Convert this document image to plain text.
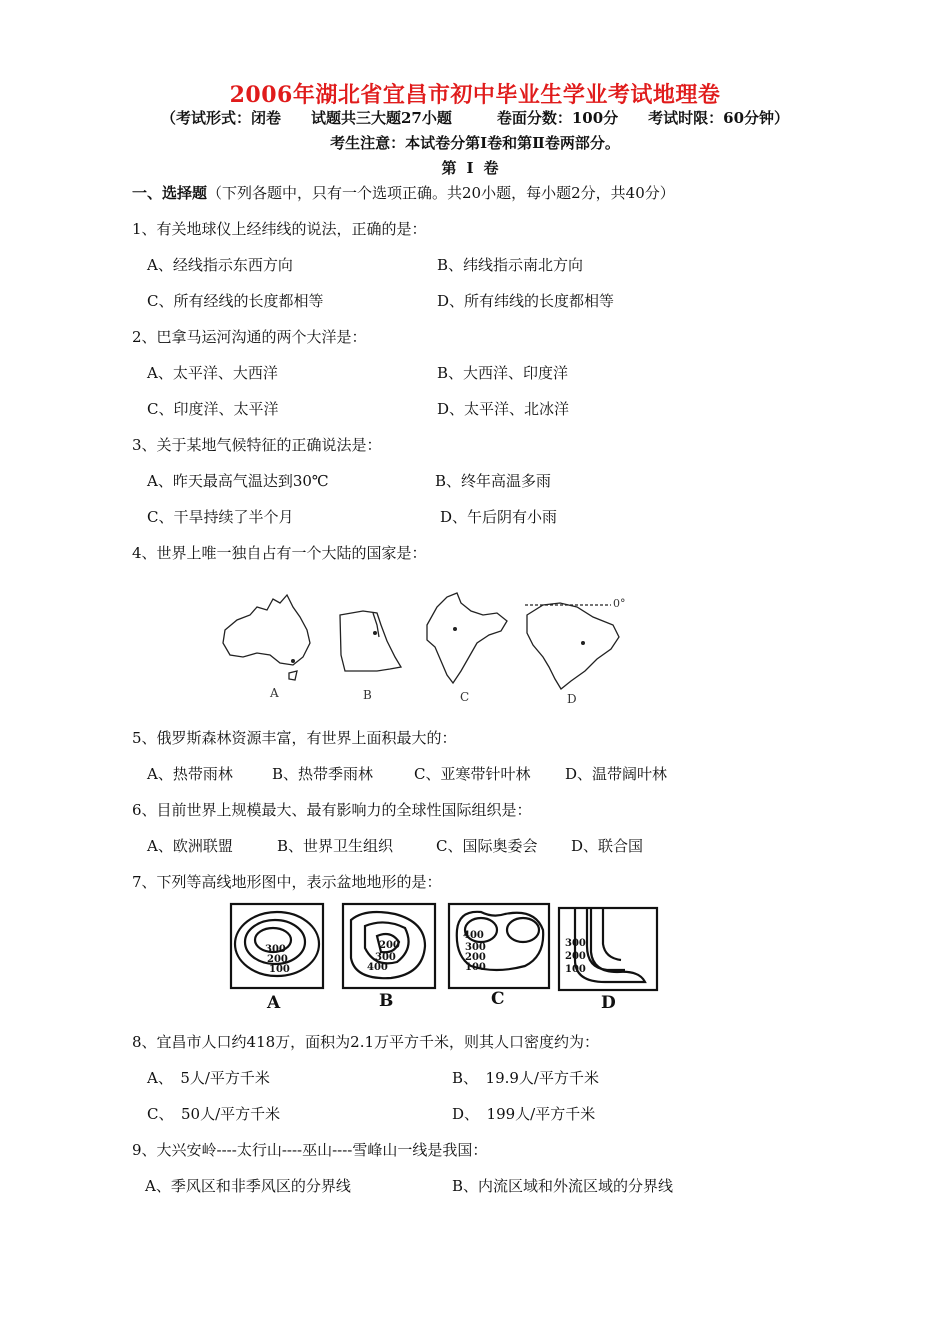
2006年湖北省宜昌市初中毕业生学业考试地理卷
（考试形式：闭卷　　试题共三大题27小题　　　卷面分数：100分　　考试时限：60分钟）
考生注意：本试卷分第Ⅰ卷和第Ⅱ卷两部分。
第Ⅰ卷
一、选择题（下列各题中，只有一个选项正确。共20小题，每小题2分，共40分）
1、有关地球仪上经纬线的说法，正确的是：
A、经线指示东西方向	B、纬线指示南北方向
C、所有经线的长度都相等	D、所有纬线的长度都相等
2、巴拿马运河沟通的两个大洋是：
A、太平洋、大西洋	B、大西洋、印度洋
C、印度洋、太平洋	D、太平洋、北冰洋
3、关于某地气候特征的正确说法是：
A、昨天最高气温达到30℃	B、终年高温多雨
C、干旱持续了半个月	D、午后阴有小雨
4、世界上唯一独自占有一个大陆的国家是：
0°
A	B	C	D
5、俄罗斯森林资源丰富，有世界上面积最大的：
A、热带雨林	B、热带季雨林	C、亚寒带针叶林 D、温带阔叶林
6、目前世界上规模最大、最有影响力的全球性国际组织是：
A、欧洲联盟	B、世界卫生组织	C、国际奥委会 D、联合国
7、下列等高线地形图中，表示盆地地形的是：
300
200
100
200
300
400
400
300
200
100
300
200
100
A	B	C	D
8、宜昌市人口约418万，面积为2.1万平方千米，则其人口密度约为：
A、　5人/平方千米	B、　19.9人/平方千米
C、　50人/平方千米	D、　199人/平方千米
9、大兴安岭----太行山----巫山----雪峰山一线是我国：
A、季风区和非季风区的分界线	B、内流区域和外流区域的分界线
